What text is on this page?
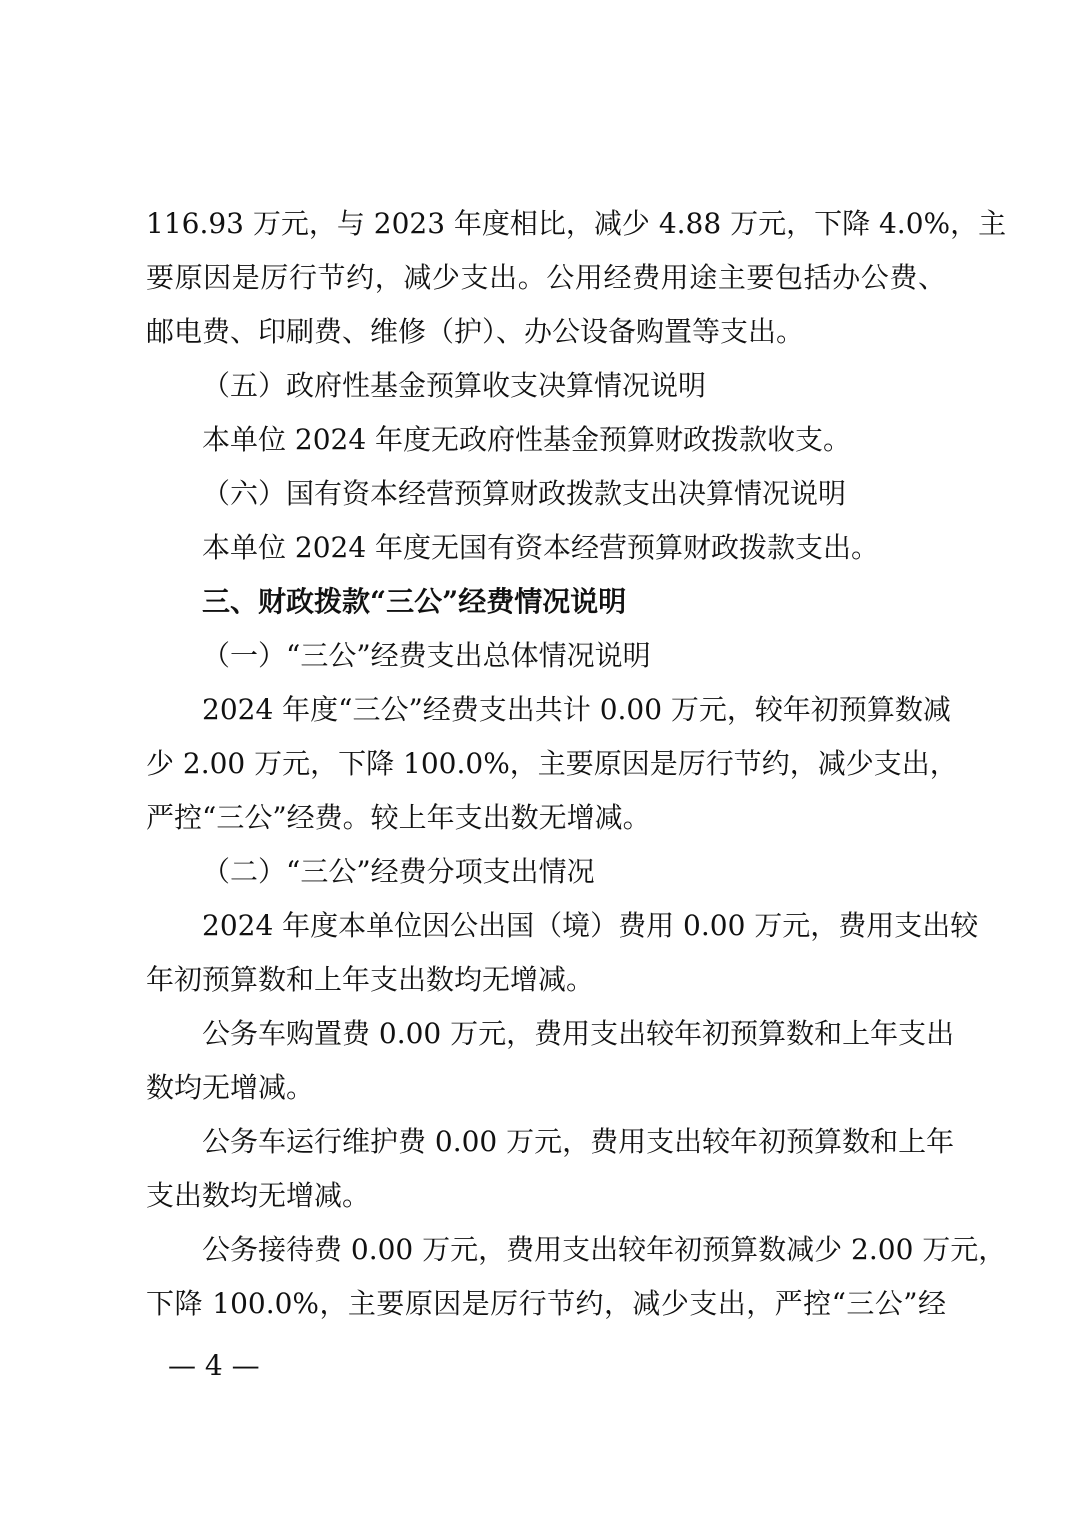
116.93 万元，与 2023 年度相比，减少 4.88 万元，下降 4.0%，主
要原因是厉行节约，减少支出。公用经费用途主要包括办公费、
邮电费、印刷费、维修（护）、办公设备购置等支出。
（五）政府性基金预算收支决算情况说明
本单位 2024 年度无政府性基金预算财政拨款收支。
（六）国有资本经营预算财政拨款支出决算情况说明
本单位 2024 年度无国有资本经营预算财政拨款支出。
三、财政拨款“三公”经费情况说明
（一）“三公”经费支出总体情况说明
2024 年度“三公”经费支出共计 0.00 万元，较年初预算数减
少 2.00 万元，下降 100.0%，主要原因是厉行节约，减少支出，
严控“三公”经费。较上年支出数无增减。
（二）“三公”经费分项支出情况
2024 年度本单位因公出国（境）费用 0.00 万元，费用支出较
年初预算数和上年支出数均无增减。
公务车购置费 0.00 万元，费用支出较年初预算数和上年支出
数均无增减。
公务车运行维护费 0.00 万元，费用支出较年初预算数和上年
支出数均无增减。
公务接待费 0.00 万元，费用支出较年初预算数减少 2.00 万元，
下降 100.0%，主要原因是厉行节约，减少支出，严控“三公”经
— 4 —
